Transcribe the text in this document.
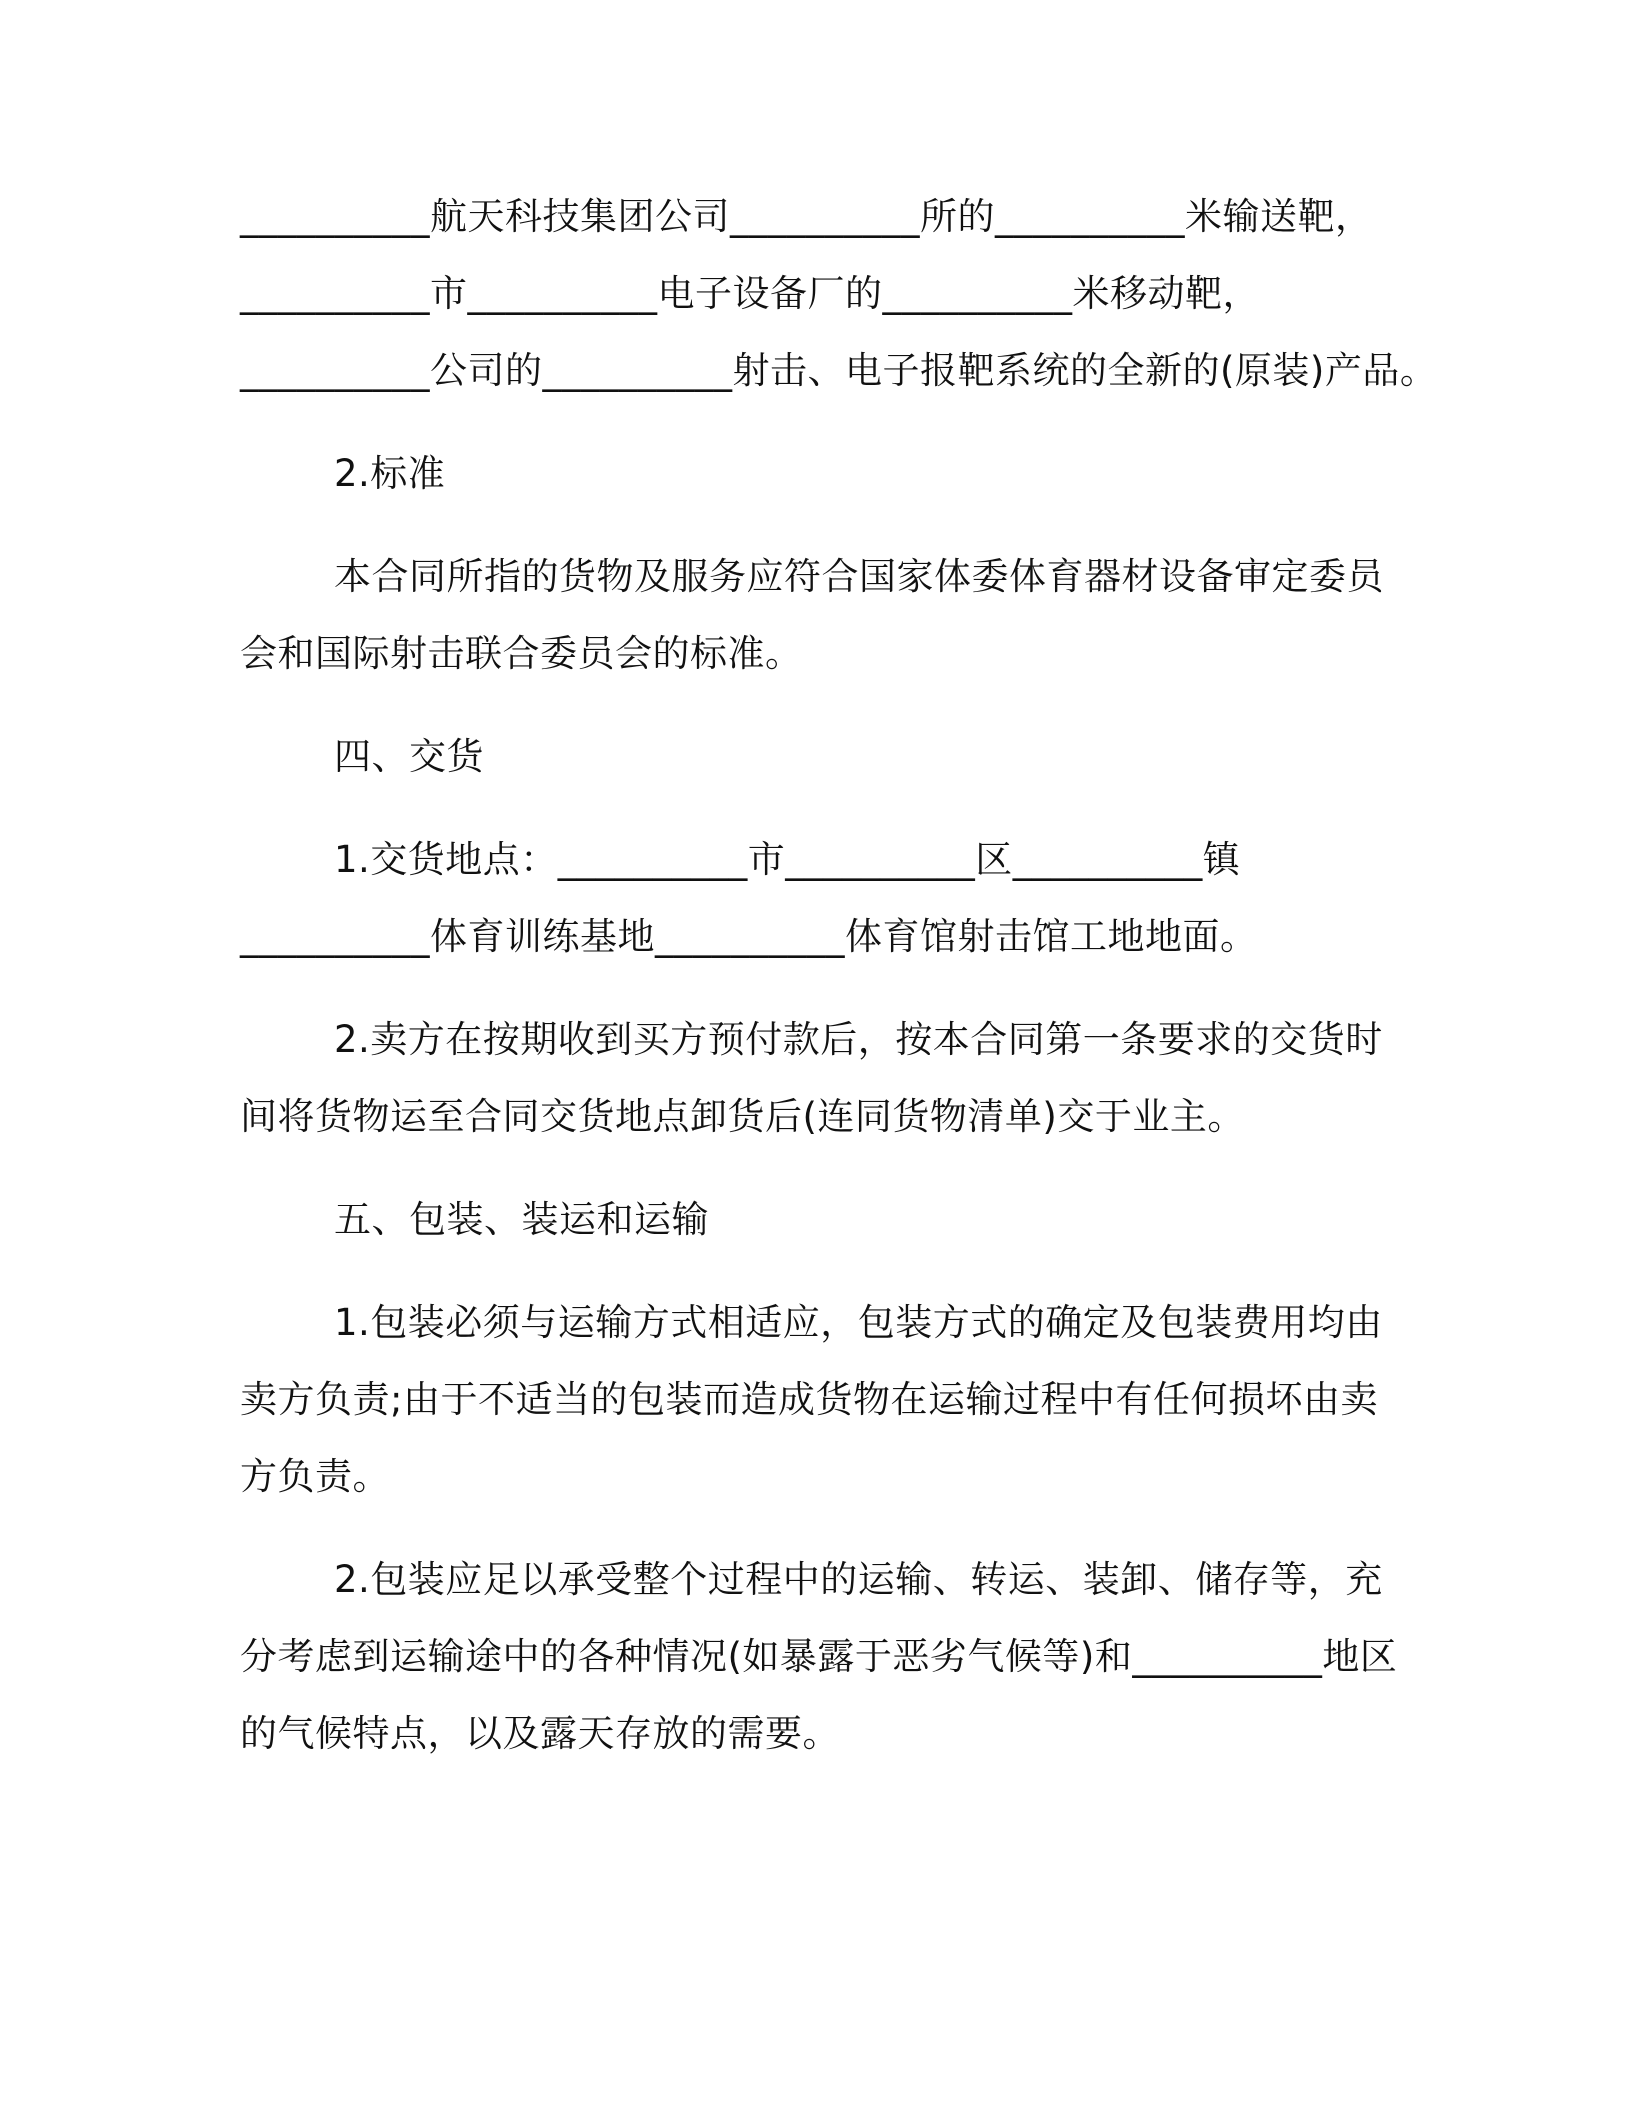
__________航天科技集团公司__________所的__________米输送靶，

__________市__________电子设备厂的__________米移动靶，

__________公司的__________射击、电子报靶系统的全新的(原装)产品。

2.标准

本合同所指的货物及服务应符合国家体委体育器材设备审定委员

会和国际射击联合委员会的标准。

四、交货

1.交货地点：__________市__________区__________镇

__________体育训练基地__________体育馆射击馆工地地面。

2.卖方在按期收到买方预付款后，按本合同第一条要求的交货时

间将货物运至合同交货地点卸货后(连同货物清单)交于业主。

五、包装、装运和运输

1.包装必须与运输方式相适应，包装方式的确定及包装费用均由

卖方负责;由于不适当的包装而造成货物在运输过程中有任何损坏由卖

方负责。

2.包装应足以承受整个过程中的运输、转运、装卸、储存等，充

分考虑到运输途中的各种情况(如暴露于恶劣气候等)和__________地区

的气候特点，以及露天存放的需要。
